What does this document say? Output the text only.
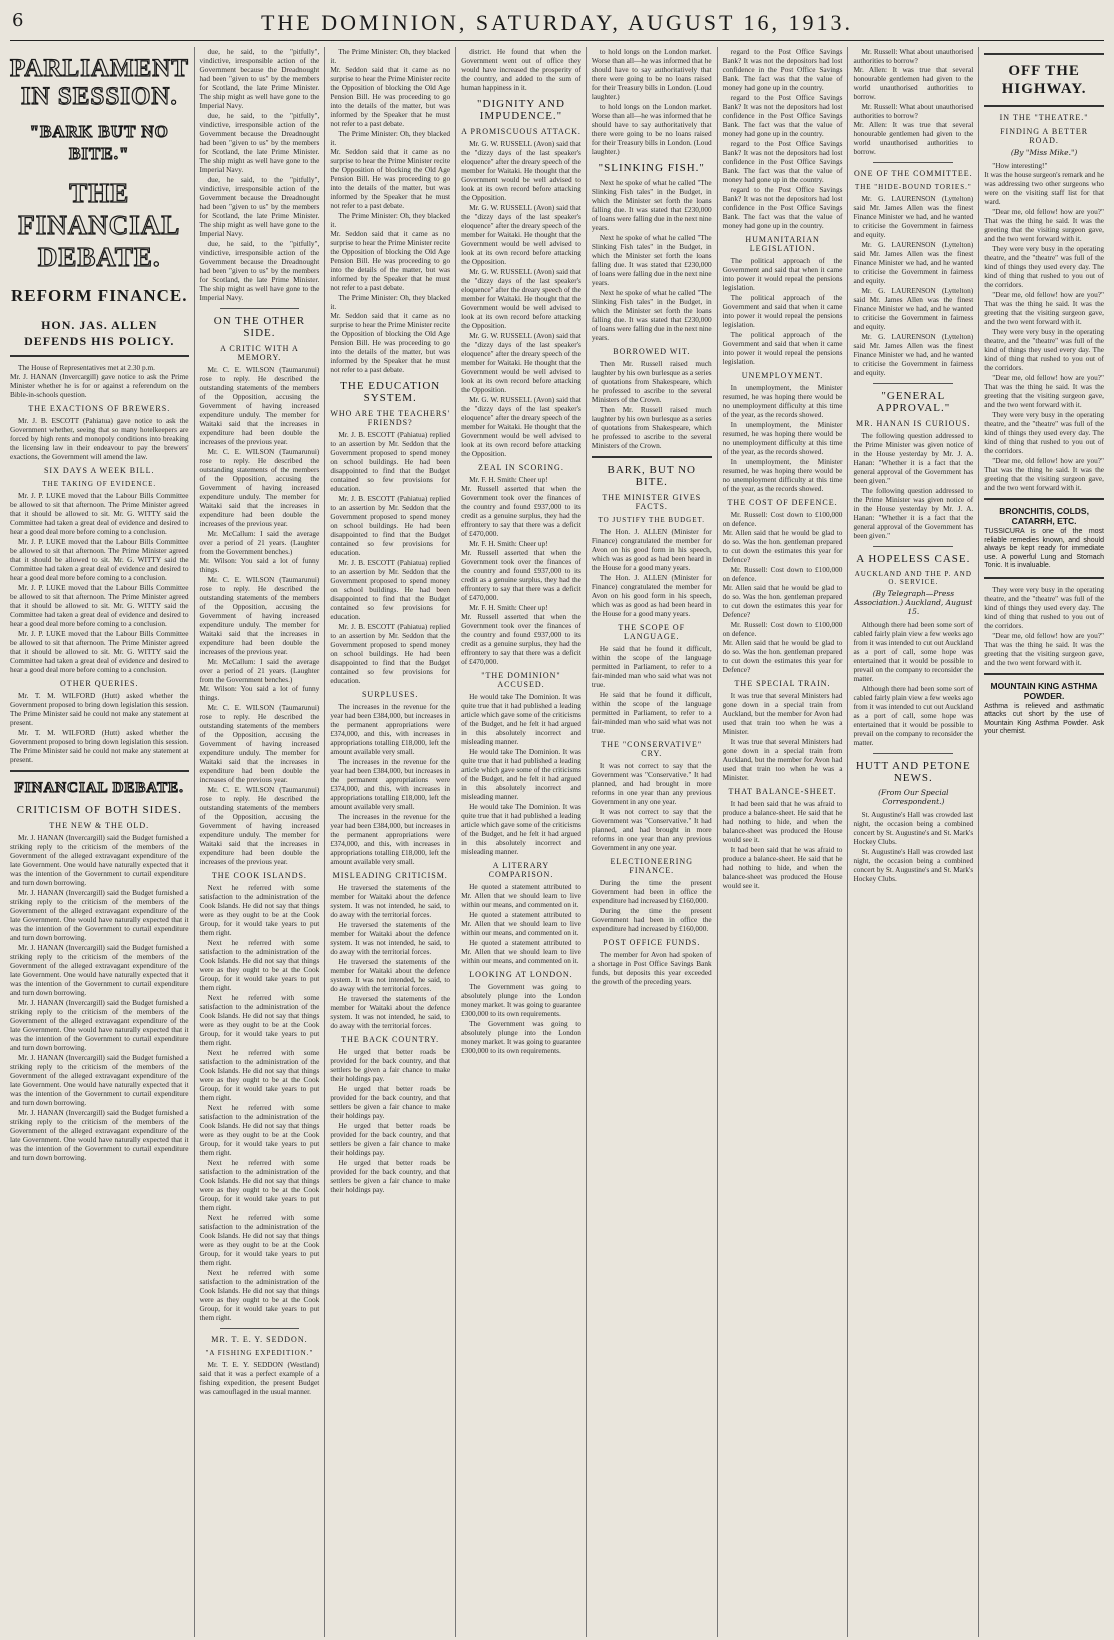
6	THE DOMINION, SATURDAY, AUGUST 16, 1913.
PARLIAMENT IN SESSION.
"BARK BUT NO BITE."
THE FINANCIAL DEBATE.
REFORM FINANCE.
HON. JAS. ALLEN DEFENDS HIS POLICY.

The House of Representatives met at 2.30 p.m.
Mr. J. HANAN (Invercargill) gave notice to ask the Prime Minister whether he is for or against a referendum on the Bible-in-schools question.

THE EXACTIONS OF BREWERS.

Mr. J. B. ESCOTT (Pahiatua) gave notice to ask the Government whether, seeing that so many hotelkeepers are forced by high rents and monopoly conditions into breaking the licensing law in their endeavour to pay the brewers' exactions, the Government will amend the law.

SIX DAYS A WEEK BILL.
THE TAKING OF EVIDENCE.

Mr. J. P. LUKE moved that the Labour Bills Committee be allowed to sit that afternoon. The Prime Minister agreed that it should be allowed to sit. Mr. G. WITTY said the Committee had taken a great deal of evidence and desired to hear a good deal more before coming to a conclusion.

Mr. J. P. LUKE moved that the Labour Bills Committee be allowed to sit that afternoon. The Prime Minister agreed that it should be allowed to sit. Mr. G. WITTY said the Committee had taken a great deal of evidence and desired to hear a good deal more before coming to a conclusion.

Mr. J. P. LUKE moved that the Labour Bills Committee be allowed to sit that afternoon. The Prime Minister agreed that it should be allowed to sit. Mr. G. WITTY said the Committee had taken a great deal of evidence and desired to hear a good deal more before coming to a conclusion.

Mr. J. P. LUKE moved that the Labour Bills Committee be allowed to sit that afternoon. The Prime Minister agreed that it should be allowed to sit. Mr. G. WITTY said the Committee had taken a great deal of evidence and desired to hear a good deal more before coming to a conclusion.

OTHER QUERIES.

Mr. T. M. WILFORD (Hutt) asked whether the Government proposed to bring down legislation this session. The Prime Minister said he could not make any statement at present.

Mr. T. M. WILFORD (Hutt) asked whether the Government proposed to bring down legislation this session. The Prime Minister said he could not make any statement at present.

FINANCIAL DEBATE.
CRITICISM OF BOTH SIDES.
THE NEW & THE OLD.

Mr. J. HANAN (Invercargill) said the Budget furnished a striking reply to the criticism of the members of the Government of the alleged extravagant expenditure of the late Government. One would have naturally expected that it was the intention of the Government to curtail expenditure and turn down borrowing.

Mr. J. HANAN (Invercargill) said the Budget furnished a striking reply to the criticism of the members of the Government of the alleged extravagant expenditure of the late Government. One would have naturally expected that it was the intention of the Government to curtail expenditure and turn down borrowing.

Mr. J. HANAN (Invercargill) said the Budget furnished a striking reply to the criticism of the members of the Government of the alleged extravagant expenditure of the late Government. One would have naturally expected that it was the intention of the Government to curtail expenditure and turn down borrowing.

Mr. J. HANAN (Invercargill) said the Budget furnished a striking reply to the criticism of the members of the Government of the alleged extravagant expenditure of the late Government. One would have naturally expected that it was the intention of the Government to curtail expenditure and turn down borrowing.

Mr. J. HANAN (Invercargill) said the Budget furnished a striking reply to the criticism of the members of the Government of the alleged extravagant expenditure of the late Government. One would have naturally expected that it was the intention of the Government to curtail expenditure and turn down borrowing.

Mr. J. HANAN (Invercargill) said the Budget furnished a striking reply to the criticism of the members of the Government of the alleged extravagant expenditure of the late Government. One would have naturally expected that it was the intention of the Government to curtail expenditure and turn down borrowing.

due, he said, to the "pitfully", vindictive, irresponsible action of the Government because the Dreadnought had been "given to us" by the members for Scotland, the late Prime Minister. The ship might as well have gone to the Imperial Navy.

due, he said, to the "pitfully", vindictive, irresponsible action of the Government because the Dreadnought had been "given to us" by the members for Scotland, the late Prime Minister. The ship might as well have gone to the Imperial Navy.

due, he said, to the "pitfully", vindictive, irresponsible action of the Government because the Dreadnought had been "given to us" by the members for Scotland, the late Prime Minister. The ship might as well have gone to the Imperial Navy.

due, he said, to the "pitfully", vindictive, irresponsible action of the Government because the Dreadnought had been "given to us" by the members for Scotland, the late Prime Minister. The ship might as well have gone to the Imperial Navy.

ON THE OTHER SIDE.
A CRITIC WITH A MEMORY.

Mr. C. E. WILSON (Taumarunui) rose to reply. He described the outstanding statements of the members of the Opposition, accusing the Government of having increased expenditure unduly. The member for Waitaki said that the increases in expenditure had been double the increases of the previous year.

Mr. C. E. WILSON (Taumarunui) rose to reply. He described the outstanding statements of the members of the Opposition, accusing the Government of having increased expenditure unduly. The member for Waitaki said that the increases in expenditure had been double the increases of the previous year.

Mr. McCallum: I said the average over a period of 21 years. (Laughter from the Government benches.)
Mr. Wilson: You said a lot of funny things.

Mr. C. E. WILSON (Taumarunui) rose to reply. He described the outstanding statements of the members of the Opposition, accusing the Government of having increased expenditure unduly. The member for Waitaki said that the increases in expenditure had been double the increases of the previous year.

Mr. McCallum: I said the average over a period of 21 years. (Laughter from the Government benches.)
Mr. Wilson: You said a lot of funny things.

Mr. C. E. WILSON (Taumarunui) rose to reply. He described the outstanding statements of the members of the Opposition, accusing the Government of having increased expenditure unduly. The member for Waitaki said that the increases in expenditure had been double the increases of the previous year.

Mr. C. E. WILSON (Taumarunui) rose to reply. He described the outstanding statements of the members of the Opposition, accusing the Government of having increased expenditure unduly. The member for Waitaki said that the increases in expenditure had been double the increases of the previous year.

THE COOK ISLANDS.

Next he referred with some satisfaction to the administration of the Cook Islands. He did not say that things were as they ought to be at the Cook Group, for it would take years to put them right.

Next he referred with some satisfaction to the administration of the Cook Islands. He did not say that things were as they ought to be at the Cook Group, for it would take years to put them right.

Next he referred with some satisfaction to the administration of the Cook Islands. He did not say that things were as they ought to be at the Cook Group, for it would take years to put them right.

Next he referred with some satisfaction to the administration of the Cook Islands. He did not say that things were as they ought to be at the Cook Group, for it would take years to put them right.

Next he referred with some satisfaction to the administration of the Cook Islands. He did not say that things were as they ought to be at the Cook Group, for it would take years to put them right.

Next he referred with some satisfaction to the administration of the Cook Islands. He did not say that things were as they ought to be at the Cook Group, for it would take years to put them right.

Next he referred with some satisfaction to the administration of the Cook Islands. He did not say that things were as they ought to be at the Cook Group, for it would take years to put them right.

Next he referred with some satisfaction to the administration of the Cook Islands. He did not say that things were as they ought to be at the Cook Group, for it would take years to put them right.

MR. T. E. Y. SEDDON.
"A FISHING EXPEDITION."

Mr. T. E. Y. SEDDON (Westland) said that it was a perfect example of a fishing expedition, the present Budget was camouflaged in the usual manner.

The Prime Minister: Oh, they blacked it.
Mr. Seddon said that it came as no surprise to hear the Prime Minister recite the Opposition of blocking the Old Age Pension Bill. He was proceeding to go into the details of the matter, but was informed by the Speaker that he must not refer to a past debate.

The Prime Minister: Oh, they blacked it.
Mr. Seddon said that it came as no surprise to hear the Prime Minister recite the Opposition of blocking the Old Age Pension Bill. He was proceeding to go into the details of the matter, but was informed by the Speaker that he must not refer to a past debate.

The Prime Minister: Oh, they blacked it.
Mr. Seddon said that it came as no surprise to hear the Prime Minister recite the Opposition of blocking the Old Age Pension Bill. He was proceeding to go into the details of the matter, but was informed by the Speaker that he must not refer to a past debate.

The Prime Minister: Oh, they blacked it.
Mr. Seddon said that it came as no surprise to hear the Prime Minister recite the Opposition of blocking the Old Age Pension Bill. He was proceeding to go into the details of the matter, but was informed by the Speaker that he must not refer to a past debate.

THE EDUCATION SYSTEM.
WHO ARE THE TEACHERS' FRIENDS?

Mr. J. B. ESCOTT (Pahiatua) replied to an assertion by Mr. Seddon that the Government proposed to spend money on school buildings. He had been disappointed to find that the Budget contained so few provisions for education.

Mr. J. B. ESCOTT (Pahiatua) replied to an assertion by Mr. Seddon that the Government proposed to spend money on school buildings. He had been disappointed to find that the Budget contained so few provisions for education.

Mr. J. B. ESCOTT (Pahiatua) replied to an assertion by Mr. Seddon that the Government proposed to spend money on school buildings. He had been disappointed to find that the Budget contained so few provisions for education.

Mr. J. B. ESCOTT (Pahiatua) replied to an assertion by Mr. Seddon that the Government proposed to spend money on school buildings. He had been disappointed to find that the Budget contained so few provisions for education.

SURPLUSES.

The increases in the revenue for the year had been £384,000, but increases in the permanent appropriations were £374,000, and this, with increases in appropriations totalling £18,000, left the amount available very small.

The increases in the revenue for the year had been £384,000, but increases in the permanent appropriations were £374,000, and this, with increases in appropriations totalling £18,000, left the amount available very small.

The increases in the revenue for the year had been £384,000, but increases in the permanent appropriations were £374,000, and this, with increases in appropriations totalling £18,000, left the amount available very small.

MISLEADING CRITICISM.

He traversed the statements of the member for Waitaki about the defence system. It was not intended, he said, to do away with the territorial forces.

He traversed the statements of the member for Waitaki about the defence system. It was not intended, he said, to do away with the territorial forces.

He traversed the statements of the member for Waitaki about the defence system. It was not intended, he said, to do away with the territorial forces.

He traversed the statements of the member for Waitaki about the defence system. It was not intended, he said, to do away with the territorial forces.

THE BACK COUNTRY.

He urged that better roads be provided for the back country, and that settlers be given a fair chance to make their holdings pay.

He urged that better roads be provided for the back country, and that settlers be given a fair chance to make their holdings pay.

He urged that better roads be provided for the back country, and that settlers be given a fair chance to make their holdings pay.

He urged that better roads be provided for the back country, and that settlers be given a fair chance to make their holdings pay.

district. He found that when the Government went out of office they would have increased the prosperity of the country, and added to the sum of human happiness in it.

"DIGNITY AND IMPUDENCE."
A PROMISCUOUS ATTACK.

Mr. G. W. RUSSELL (Avon) said that the "dizzy days of the last speaker's eloquence" after the dreary speech of the member for Waitaki. He thought that the Government would be well advised to look at its own record before attacking the Opposition.

Mr. G. W. RUSSELL (Avon) said that the "dizzy days of the last speaker's eloquence" after the dreary speech of the member for Waitaki. He thought that the Government would be well advised to look at its own record before attacking the Opposition.

Mr. G. W. RUSSELL (Avon) said that the "dizzy days of the last speaker's eloquence" after the dreary speech of the member for Waitaki. He thought that the Government would be well advised to look at its own record before attacking the Opposition.

Mr. G. W. RUSSELL (Avon) said that the "dizzy days of the last speaker's eloquence" after the dreary speech of the member for Waitaki. He thought that the Government would be well advised to look at its own record before attacking the Opposition.

Mr. G. W. RUSSELL (Avon) said that the "dizzy days of the last speaker's eloquence" after the dreary speech of the member for Waitaki. He thought that the Government would be well advised to look at its own record before attacking the Opposition.

ZEAL IN SCORING.

Mr. F. H. Smith: Cheer up!
Mr. Russell asserted that when the Government took over the finances of the country and found £937,000 to its credit as a genuine surplus, they had the effrontery to say that there was a deficit of £470,000.

Mr. F. H. Smith: Cheer up!
Mr. Russell asserted that when the Government took over the finances of the country and found £937,000 to its credit as a genuine surplus, they had the effrontery to say that there was a deficit of £470,000.

Mr. F. H. Smith: Cheer up!
Mr. Russell asserted that when the Government took over the finances of the country and found £937,000 to its credit as a genuine surplus, they had the effrontery to say that there was a deficit of £470,000.

"THE DOMINION" ACCUSED.

He would take The Dominion. It was quite true that it had published a leading article which gave some of the criticisms of the Budget, and he felt it had argued in this absolutely incorrect and misleading manner.

He would take The Dominion. It was quite true that it had published a leading article which gave some of the criticisms of the Budget, and he felt it had argued in this absolutely incorrect and misleading manner.

He would take The Dominion. It was quite true that it had published a leading article which gave some of the criticisms of the Budget, and he felt it had argued in this absolutely incorrect and misleading manner.

A LITERARY COMPARISON.

He quoted a statement attributed to Mr. Allen that we should learn to live within our means, and commented on it.

He quoted a statement attributed to Mr. Allen that we should learn to live within our means, and commented on it.

He quoted a statement attributed to Mr. Allen that we should learn to live within our means, and commented on it.

LOOKING AT LONDON.

The Government was going to absolutely plunge into the London money market. It was going to guarantee £300,000 to its own requirements.

The Government was going to absolutely plunge into the London money market. It was going to guarantee £300,000 to its own requirements.

to hold longs on the London market. Worse than all—he was informed that he should have to say authoritatively that there were going to be no loans raised for their Treasury bills in London. (Loud laughter.)

to hold longs on the London market. Worse than all—he was informed that he should have to say authoritatively that there were going to be no loans raised for their Treasury bills in London. (Loud laughter.)

"SLINKING FISH."

Next he spoke of what he called "The Slinking Fish tales" in the Budget, in which the Minister set forth the loans falling due. It was stated that £230,000 of loans were falling due in the next nine years.

Next he spoke of what he called "The Slinking Fish tales" in the Budget, in which the Minister set forth the loans falling due. It was stated that £230,000 of loans were falling due in the next nine years.

Next he spoke of what he called "The Slinking Fish tales" in the Budget, in which the Minister set forth the loans falling due. It was stated that £230,000 of loans were falling due in the next nine years.

BORROWED WIT.

Then Mr. Russell raised much laughter by his own burlesque as a series of quotations from Shakespeare, which he professed to ascribe to the several Ministers of the Crown.

Then Mr. Russell raised much laughter by his own burlesque as a series of quotations from Shakespeare, which he professed to ascribe to the several Ministers of the Crown.

BARK, BUT NO BITE.
THE MINISTER GIVES FACTS.
TO JUSTIFY THE BUDGET.

The Hon. J. ALLEN (Minister for Finance) congratulated the member for Avon on his good form in his speech, which was as good as had been heard in the House for a good many years.

The Hon. J. ALLEN (Minister for Finance) congratulated the member for Avon on his good form in his speech, which was as good as had been heard in the House for a good many years.

THE SCOPE OF LANGUAGE.

He said that he found it difficult, within the scope of the language permitted in Parliament, to refer to a fair-minded man who said what was not true.

He said that he found it difficult, within the scope of the language permitted in Parliament, to refer to a fair-minded man who said what was not true.

THE "CONSERVATIVE" CRY.

It was not correct to say that the Government was "Conservative." It had planned, and had brought in more reforms in one year than any previous Government in any one year.

It was not correct to say that the Government was "Conservative." It had planned, and had brought in more reforms in one year than any previous Government in any one year.

ELECTIONEERING FINANCE.

During the time the present Government had been in office the expenditure had increased by £160,000.

During the time the present Government had been in office the expenditure had increased by £160,000.

POST OFFICE FUNDS.

The member for Avon had spoken of a shortage in Post Office Savings Bank funds, but deposits this year exceeded the growth of the preceding years.

regard to the Post Office Savings Bank? It was not the depositors had lost confidence in the Post Office Savings Bank. The fact was that the value of money had gone up in the country.

regard to the Post Office Savings Bank? It was not the depositors had lost confidence in the Post Office Savings Bank. The fact was that the value of money had gone up in the country.

regard to the Post Office Savings Bank? It was not the depositors had lost confidence in the Post Office Savings Bank. The fact was that the value of money had gone up in the country.

regard to the Post Office Savings Bank? It was not the depositors had lost confidence in the Post Office Savings Bank. The fact was that the value of money had gone up in the country.

HUMANITARIAN LEGISLATION.

The political approach of the Government and said that when it came into power it would repeal the pensions legislation.

The political approach of the Government and said that when it came into power it would repeal the pensions legislation.

The political approach of the Government and said that when it came into power it would repeal the pensions legislation.

UNEMPLOYMENT.

In unemployment, the Minister resumed, he was hoping there would be no unemployment difficulty at this time of the year, as the records showed.

In unemployment, the Minister resumed, he was hoping there would be no unemployment difficulty at this time of the year, as the records showed.

In unemployment, the Minister resumed, he was hoping there would be no unemployment difficulty at this time of the year, as the records showed.

THE COST OF DEFENCE.

Mr. Russell: Cost down to £100,000 on defence.
Mr. Allen said that he would be glad to do so. Was the hon. gentleman prepared to cut down the estimates this year for Defence?

Mr. Russell: Cost down to £100,000 on defence.
Mr. Allen said that he would be glad to do so. Was the hon. gentleman prepared to cut down the estimates this year for Defence?

Mr. Russell: Cost down to £100,000 on defence.
Mr. Allen said that he would be glad to do so. Was the hon. gentleman prepared to cut down the estimates this year for Defence?

THE SPECIAL TRAIN.

It was true that several Ministers had gone down in a special train from Auckland, but the member for Avon had used that train too when he was a Minister.

It was true that several Ministers had gone down in a special train from Auckland, but the member for Avon had used that train too when he was a Minister.

THAT BALANCE-SHEET.

It had been said that he was afraid to produce a balance-sheet. He said that he had nothing to hide, and when the balance-sheet was produced the House would see it.

It had been said that he was afraid to produce a balance-sheet. He said that he had nothing to hide, and when the balance-sheet was produced the House would see it.

Mr. Russell: What about unauthorised authorities to borrow?
Mr. Allen: It was true that several honourable gentlemen had given to the world unauthorised authorities to borrow.

Mr. Russell: What about unauthorised authorities to borrow?
Mr. Allen: It was true that several honourable gentlemen had given to the world unauthorised authorities to borrow.

ONE OF THE COMMITTEE.
THE "HIDE-BOUND TORIES."

Mr. G. LAURENSON (Lyttelton) said Mr. James Allen was the finest Finance Minister we had, and he wanted to criticise the Government in fairness and equity.

Mr. G. LAURENSON (Lyttelton) said Mr. James Allen was the finest Finance Minister we had, and he wanted to criticise the Government in fairness and equity.

Mr. G. LAURENSON (Lyttelton) said Mr. James Allen was the finest Finance Minister we had, and he wanted to criticise the Government in fairness and equity.

Mr. G. LAURENSON (Lyttelton) said Mr. James Allen was the finest Finance Minister we had, and he wanted to criticise the Government in fairness and equity.

"GENERAL APPROVAL."
MR. HANAN IS CURIOUS.

The following question addressed to the Prime Minister was given notice of in the House yesterday by Mr. J. A. Hanan: "Whether it is a fact that the general approval of the Government has been given."

The following question addressed to the Prime Minister was given notice of in the House yesterday by Mr. J. A. Hanan: "Whether it is a fact that the general approval of the Government has been given."

A HOPELESS CASE.
AUCKLAND AND THE P. AND O. SERVICE.
(By Telegraph—Press Association.) Auckland, August 15.

Although there had been some sort of cabled fairly plain view a few weeks ago from it was intended to cut out Auckland as a port of call, some hope was entertained that it would be possible to prevail on the company to reconsider the matter.

Although there had been some sort of cabled fairly plain view a few weeks ago from it was intended to cut out Auckland as a port of call, some hope was entertained that it would be possible to prevail on the company to reconsider the matter.

HUTT AND PETONE NEWS.
(From Our Special Correspondent.)

St. Augustine's Hall was crowded last night, the occasion being a combined concert by St. Augustine's and St. Mark's Hockey Clubs.

St. Augustine's Hall was crowded last night, the occasion being a combined concert by St. Augustine's and St. Mark's Hockey Clubs.

OFF THE HIGHWAY.
IN THE "THEATRE."
FINDING A BETTER ROAD.
(By "Miss Mike.")

"How interesting!"
It was the house surgeon's remark and he was addressing two other surgeons who were on the visiting staff list for that ward.

"Dear me, old fellow! how are you?" That was the thing he said. It was the greeting that the visiting surgeon gave, and the two went forward with it.

They were very busy in the operating theatre, and the "theatre" was full of the kind of things they used every day. The kind of thing that rushed to you out of the corridors.

"Dear me, old fellow! how are you?" That was the thing he said. It was the greeting that the visiting surgeon gave, and the two went forward with it.

They were very busy in the operating theatre, and the "theatre" was full of the kind of things they used every day. The kind of thing that rushed to you out of the corridors.

"Dear me, old fellow! how are you?" That was the thing he said. It was the greeting that the visiting surgeon gave, and the two went forward with it.

They were very busy in the operating theatre, and the "theatre" was full of the kind of things they used every day. The kind of thing that rushed to you out of the corridors.

"Dear me, old fellow! how are you?" That was the thing he said. It was the greeting that the visiting surgeon gave, and the two went forward with it.

BRONCHITIS, COLDS, CATARRH, ETC.

TUSSICURA is one of the most reliable remedies known, and should always be kept ready for immediate use. A powerful Lung and Stomach Tonic. It is invaluable.

They were very busy in the operating theatre, and the "theatre" was full of the kind of things they used every day. The kind of thing that rushed to you out of the corridors.

"Dear me, old fellow! how are you?" That was the thing he said. It was the greeting that the visiting surgeon gave, and the two went forward with it.

MOUNTAIN KING ASTHMA POWDER.

Asthma is relieved and asthmatic attacks cut short by the use of Mountain King Asthma Powder. Ask your chemist.
